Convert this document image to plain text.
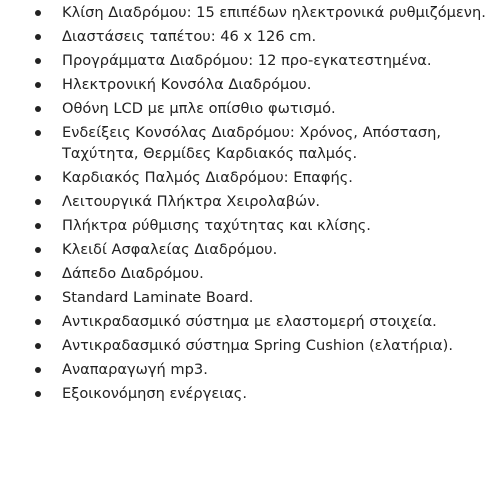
Κλίση Διαδρόμου: 15 επιπέδων ηλεκτρονικά ρυθμιζόμενη.
Διαστάσεις ταπέτου: 46 x 126 cm.
Προγράμματα Διαδρόμου: 12 προ-εγκατεστημένα.
Ηλεκτρονική Κονσόλα Διαδρόμου.
Οθόνη LCD με μπλε οπίσθιο φωτισμό.
Ενδείξεις Κονσόλας Διαδρόμου: Χρόνος, Απόσταση, Ταχύτητα, Θερμίδες Καρδιακός παλμός.
Καρδιακός Παλμός Διαδρόμου: Επαφής.
Λειτουργικά Πλήκτρα Χειρολαβών.
Πλήκτρα ρύθμισης ταχύτητας και κλίσης.
Κλειδί Ασφαλείας Διαδρόμου.
Δάπεδο Διαδρόμου.
Standard Laminate Board.
Αντικραδασμικό σύστημα με ελαστομερή στοιχεία.
Αντικραδασμικό σύστημα Spring Cushion (ελατήρια).
Αναπαραγωγή mp3.
Εξοικονόμηση ενέργειας.
